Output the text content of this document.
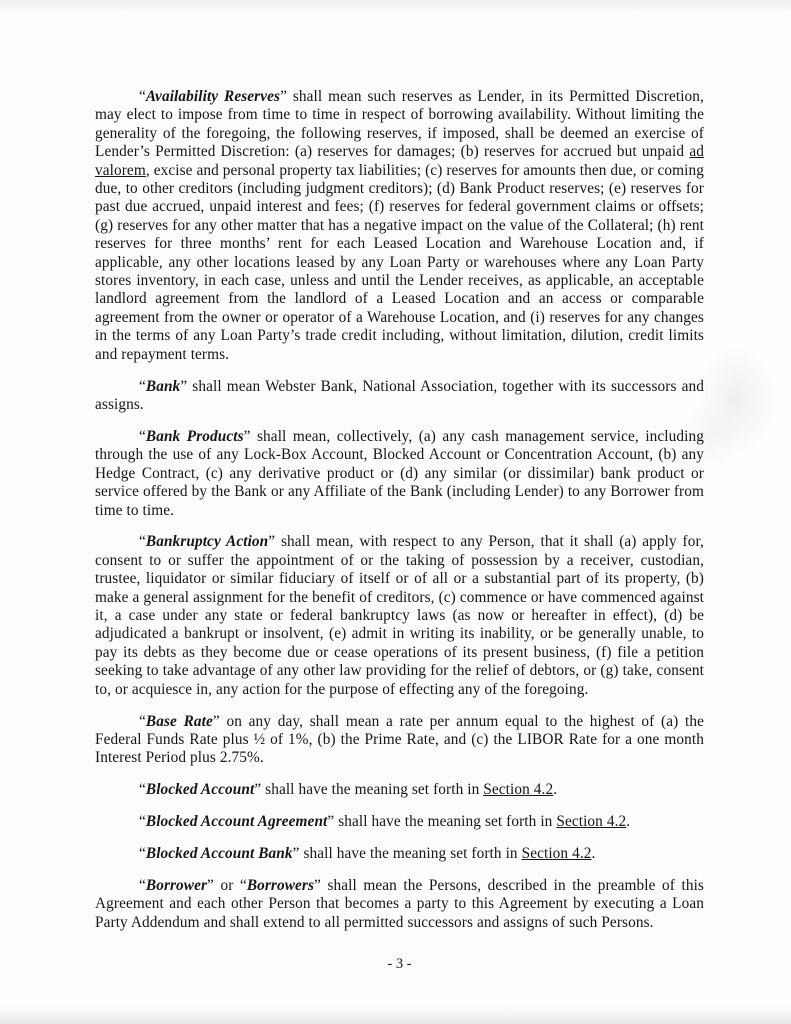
“Availability Reserves” shall mean such reserves as Lender, in its Permitted Discretion, may elect to impose from time to time in respect of borrowing availability. Without limiting the generality of the foregoing, the following reserves, if imposed, shall be deemed an exercise of Lender’s Permitted Discretion: (a) reserves for damages; (b) reserves for accrued but unpaid ad valorem, excise and personal property tax liabilities; (c) reserves for amounts then due, or coming due, to other creditors (including judgment creditors); (d) Bank Product reserves; (e) reserves for past due accrued, unpaid interest and fees; (f) reserves for federal government claims or offsets; (g) reserves for any other matter that has a negative impact on the value of the Collateral; (h) rent reserves for three months’ rent for each Leased Location and Warehouse Location and, if applicable, any other locations leased by any Loan Party or warehouses where any Loan Party stores inventory, in each case, unless and until the Lender receives, as applicable, an acceptable landlord agreement from the landlord of a Leased Location and an access or comparable agreement from the owner or operator of a Warehouse Location, and (i) reserves for any changes in the terms of any Loan Party’s trade credit including, without limitation, dilution, credit limits and repayment terms.

“Bank” shall mean Webster Bank, National Association, together with its successors and assigns.

“Bank Products” shall mean, collectively, (a) any cash management service, including through the use of any Lock-Box Account, Blocked Account or Concentration Account, (b) any Hedge Contract, (c) any derivative product or (d) any similar (or dissimilar) bank product or service offered by the Bank or any Affiliate of the Bank (including Lender) to any Borrower from time to time.

“Bankruptcy Action” shall mean, with respect to any Person, that it shall (a) apply for, consent to or suffer the appointment of or the taking of possession by a receiver, custodian, trustee, liquidator or similar fiduciary of itself or of all or a substantial part of its property, (b) make a general assignment for the benefit of creditors, (c) commence or have commenced against it, a case under any state or federal bankruptcy laws (as now or hereafter in effect), (d) be adjudicated a bankrupt or insolvent, (e) admit in writing its inability, or be generally unable, to pay its debts as they become due or cease operations of its present business, (f) file a petition seeking to take advantage of any other law providing for the relief of debtors, or (g) take, consent to, or acquiesce in, any action for the purpose of effecting any of the foregoing.

“Base Rate” on any day, shall mean a rate per annum equal to the highest of (a) the Federal Funds Rate plus ½ of 1%, (b) the Prime Rate, and (c) the LIBOR Rate for a one month Interest Period plus 2.75%.

“Blocked Account” shall have the meaning set forth in Section 4.2.

“Blocked Account Agreement” shall have the meaning set forth in Section 4.2.

“Blocked Account Bank” shall have the meaning set forth in Section 4.2.

“Borrower” or “Borrowers” shall mean the Persons, described in the preamble of this Agreement and each other Person that becomes a party to this Agreement by executing a Loan Party Addendum and shall extend to all permitted successors and assigns of such Persons.

- 3 -
